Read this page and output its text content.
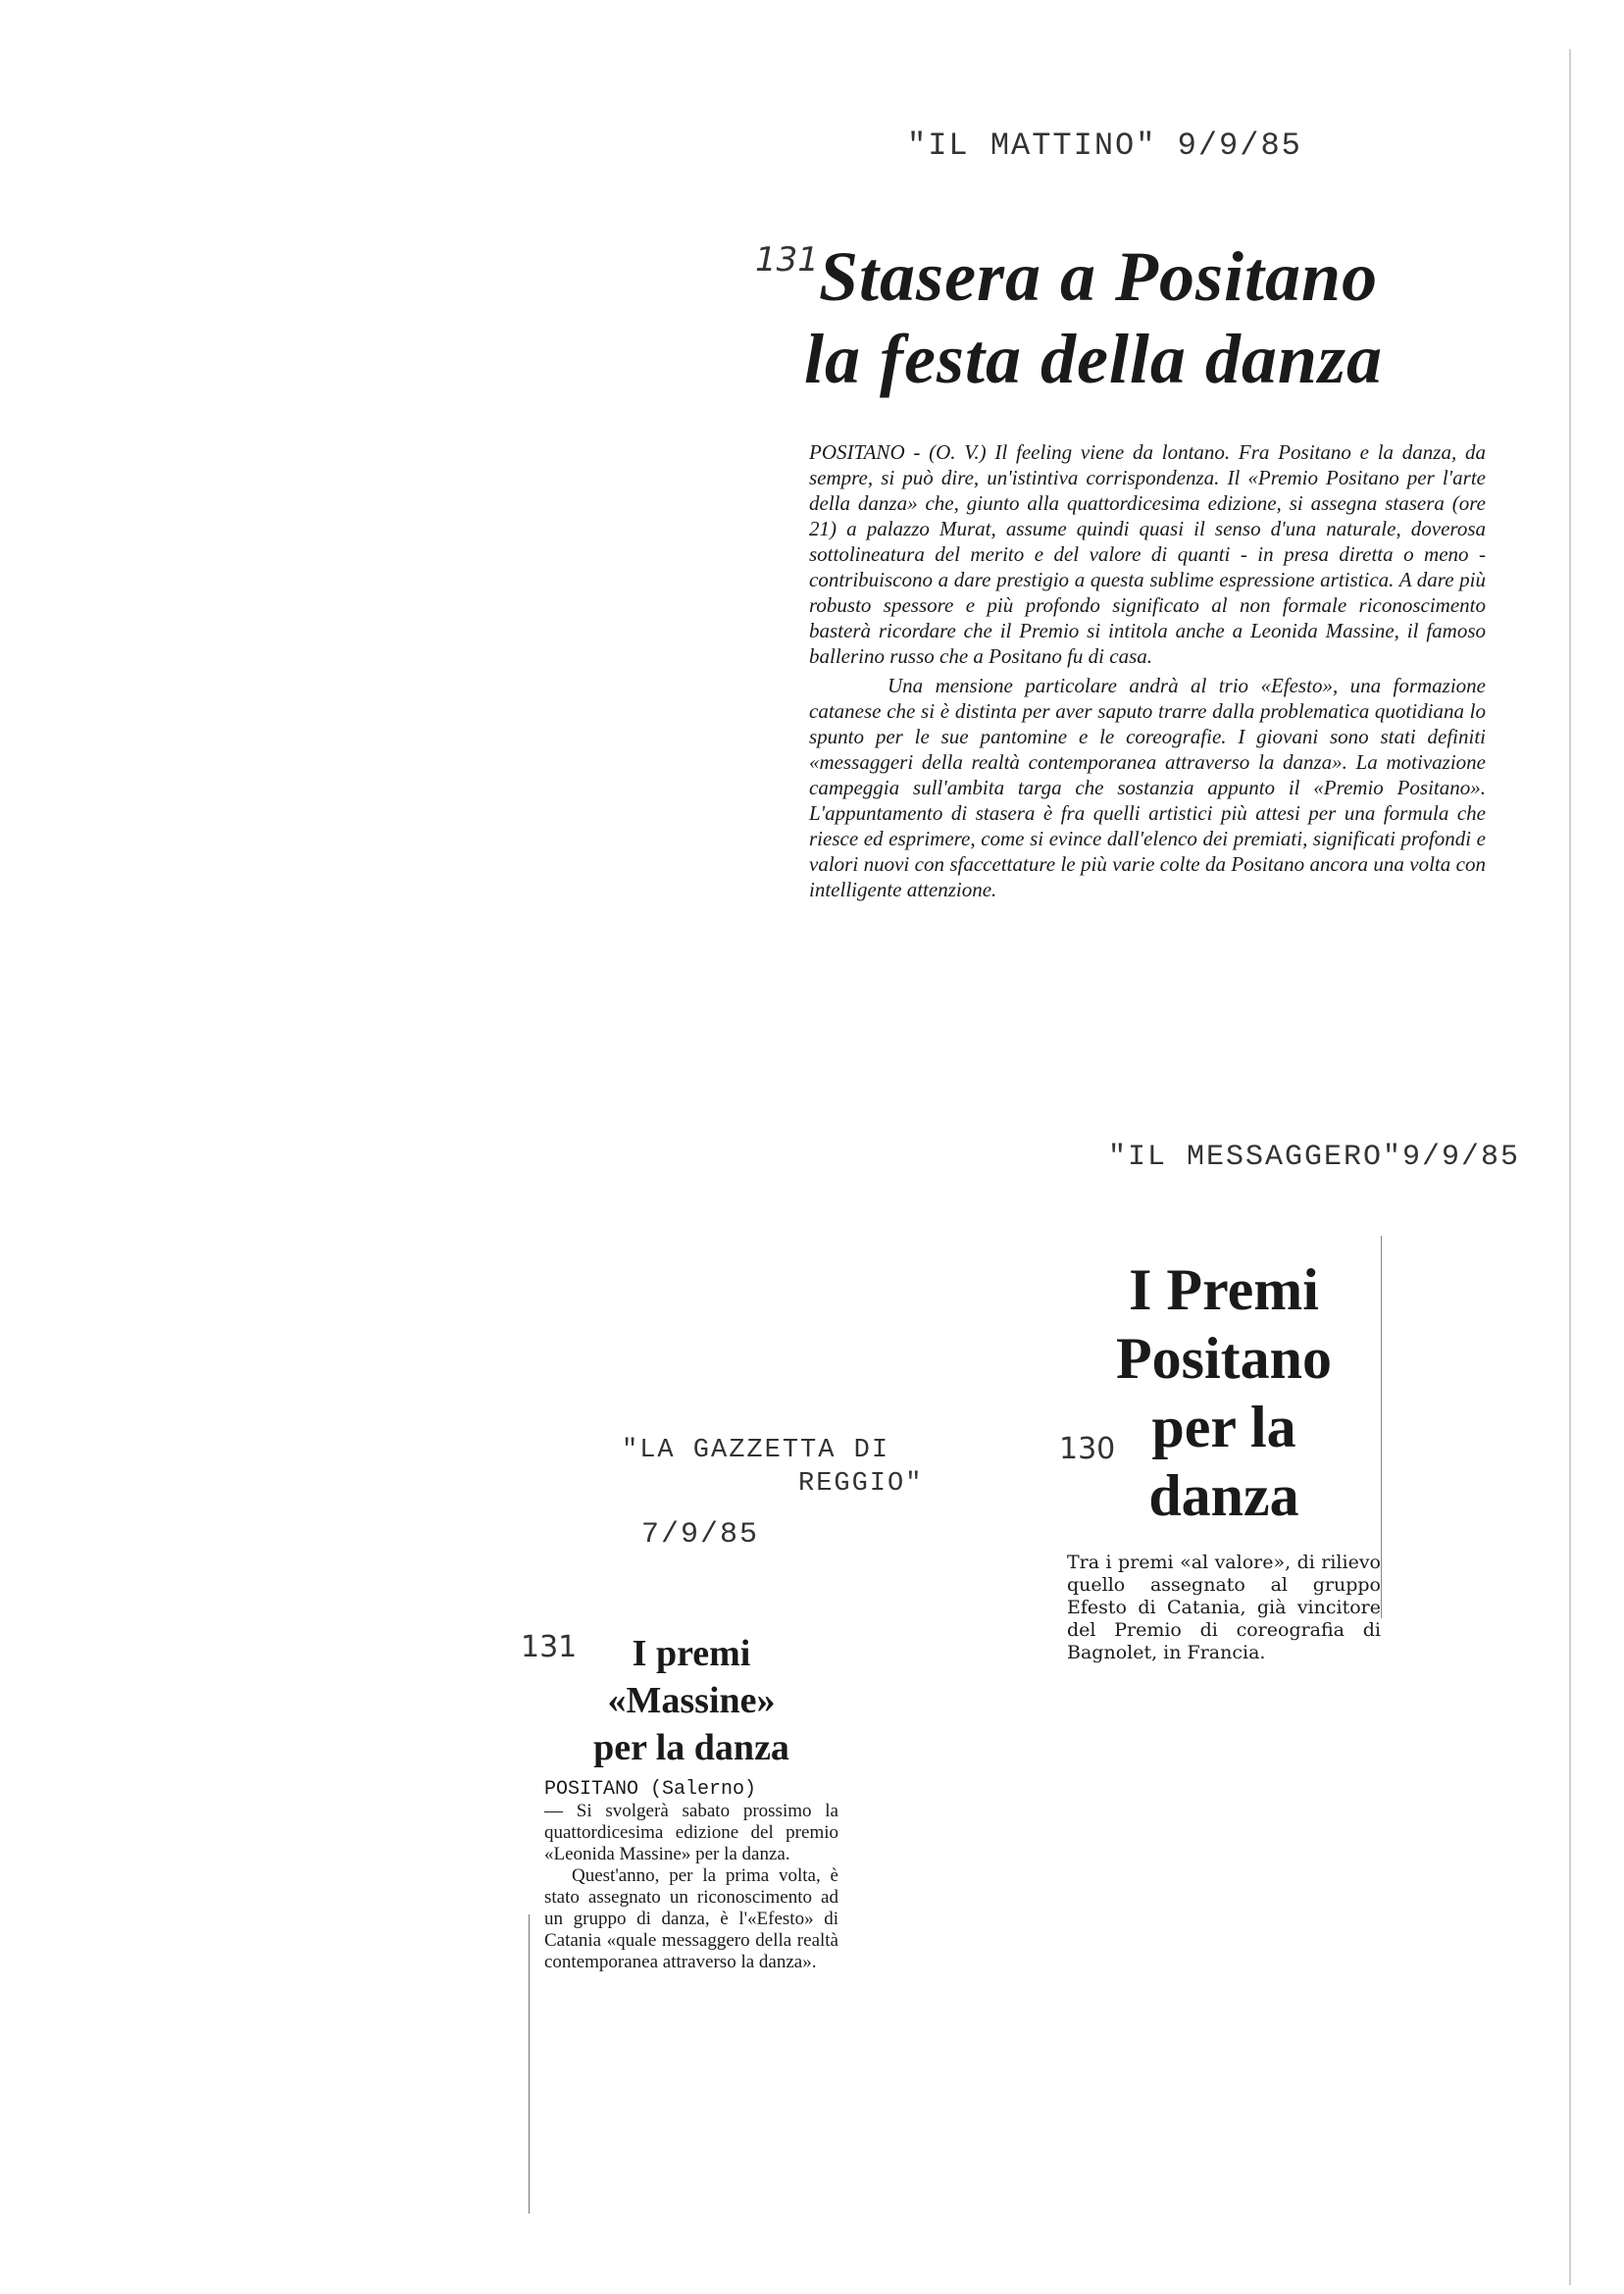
"IL MATTINO" 9/9/85
131 Stasera a Positano
la festa della danza

POSITANO - (O. V.) Il feeling viene da lontano. Fra Positano e la danza, da sempre, si può dire, un'istintiva corrispondenza. Il «Premio Positano per l'arte della danza» che, giunto alla quattordicesima edizione, si assegna stasera (ore 21) a palazzo Murat, assume quindi quasi il senso d'una naturale, doverosa sottolineatura del merito e del valore di quanti - in presa diretta o meno - contribuiscono a dare prestigio a questa sublime espressione artistica. A dare più robusto spessore e più profondo significato al non formale riconoscimento basterà ricordare che il Premio si intitola anche a Leonida Massine, il famoso ballerino russo che a Positano fu di casa.

Una mensione particolare andrà al trio «Efesto», una formazione catanese che si è distinta per aver saputo trarre dalla problematica quotidiana lo spunto per le sue pantomine e le coreografie. I giovani sono stati definiti «messaggeri della realtà contemporanea attraverso la danza». La motivazione campeggia sull'ambita targa che sostanzia appunto il «Premio Positano». L'appuntamento di stasera è fra quelli artistici più attesi per una formula che riesce ed esprimere, come si evince dall'elenco dei premiati, significati profondi e valori nuovi con sfaccettature le più varie colte da Positano ancora una volta con intelligente attenzione.

"IL MESSAGGERO"9/9/85
130
I Premi
Positano
per la
danza
Tra i premi «al valore», di rilievo quello assegnato al gruppo Efesto di Catania, già vincitore del Premio di coreografia di Bagnolet, in Francia.
"LA GAZZETTA DI
REGGIO"
7/9/85
131	I premi
«Massine»
per la danza
POSITANO (Salerno)
— Si svolgerà sabato prossimo la quattordicesima edizione del premio «Leonida Massine» per la danza.
Quest'anno, per la prima volta, è stato assegnato un riconoscimento ad un gruppo di danza, è l'«Efesto» di Catania «quale messaggero della realtà contemporanea attraverso la danza».
